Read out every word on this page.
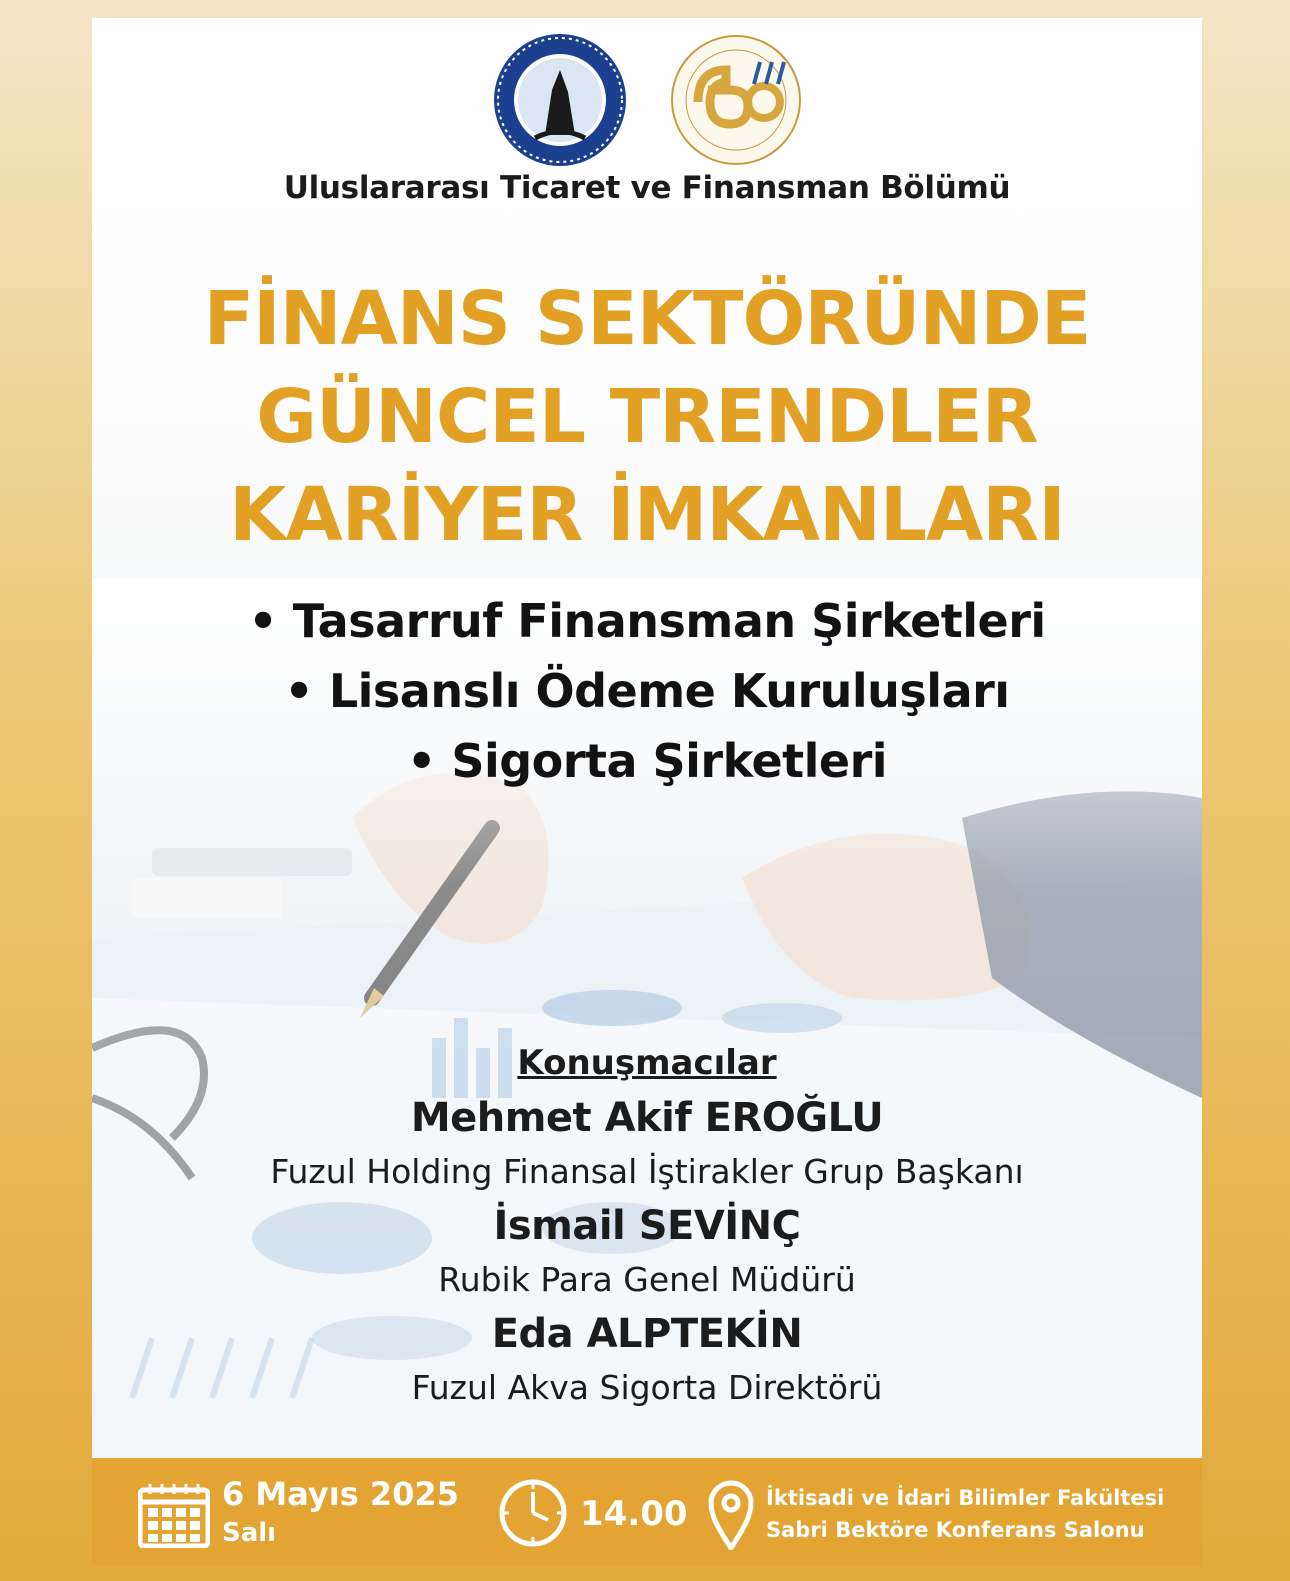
Uluslararası Ticaret ve Finansman Bölümü
FİNANS SEKTÖRÜNDE
GÜNCEL TRENDLER
KARİYER İMKANLARI
• Tasarruf Finansman Şirketleri
• Lisanslı Ödeme Kuruluşları
• Sigorta Şirketleri
Konuşmacılar
Mehmet Akif EROĞLU
Fuzul Holding Finansal İştirakler Grup Başkanı
İsmail SEVİNÇ
Rubik Para Genel Müdürü
Eda ALPTEKİN
Fuzul Akva Sigorta Direktörü
6 Mayıs 2025
Salı	14.00	İktisadi ve İdari Bilimler Fakültesi
Sabri Bektöre Konferans Salonu
